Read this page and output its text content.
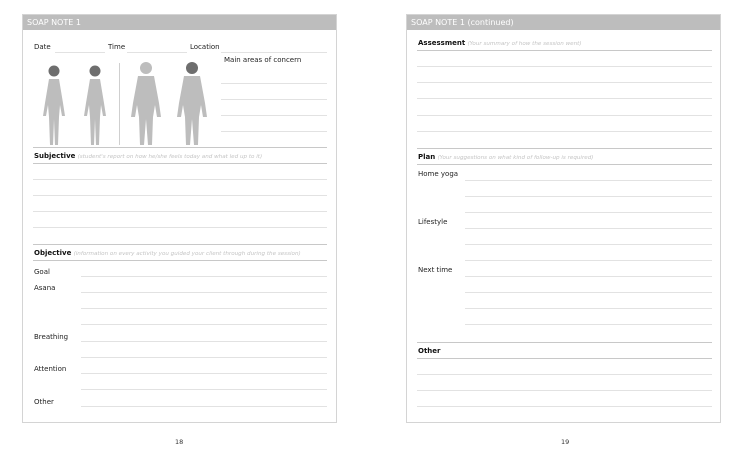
SOAP NOTE 1
Date	Time	Location
Main areas of concern
Subjective (student's report on how he/she feels today and what led up to it)
Objective (information on every activity you guided your client through during the session)
Goal
Asana
Breathing
Attention
Other
18
SOAP NOTE 1 (continued)
Assessment (Your summary of how the session went)
Plan (Your suggestions on what kind of follow-up is required)
Home yoga
Lifestyle
Next time
Other
19
